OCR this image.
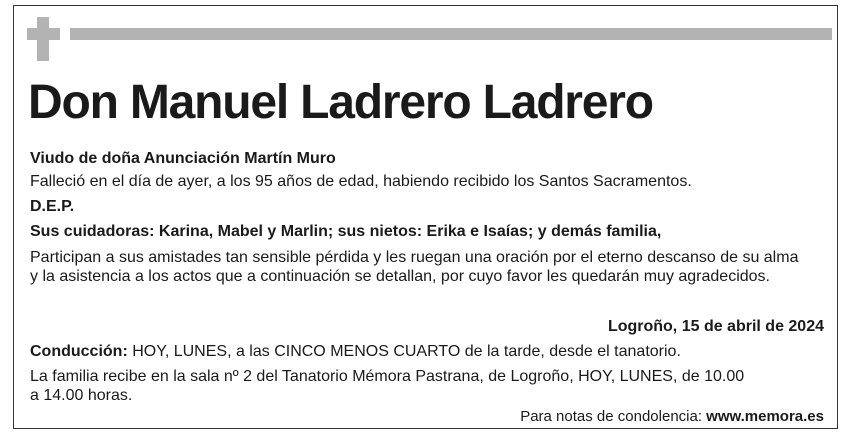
Don Manuel Ladrero Ladrero

Viudo de doña Anunciación Martín Muro

Falleció en el día de ayer, a los 95 años de edad, habiendo recibido los Santos Sacramentos.

D.E.P.

Sus cuidadoras: Karina, Mabel y Marlin; sus nietos: Erika e Isaías; y demás familia,

Participan a sus amistades tan sensible pérdida y les ruegan una oración por el eterno descanso de su alma

y la asistencia a los actos que a continuación se detallan, por cuyo favor les quedarán muy agradecidos.

Logroño, 15 de abril de 2024

Conducción: HOY, LUNES, a las CINCO MENOS CUARTO de la tarde, desde el tanatorio.

La familia recibe en la sala nº 2 del Tanatorio Mémora Pastrana, de Logroño, HOY, LUNES, de 10.00

a 14.00 horas.

Para notas de condolencia: www.memora.es
